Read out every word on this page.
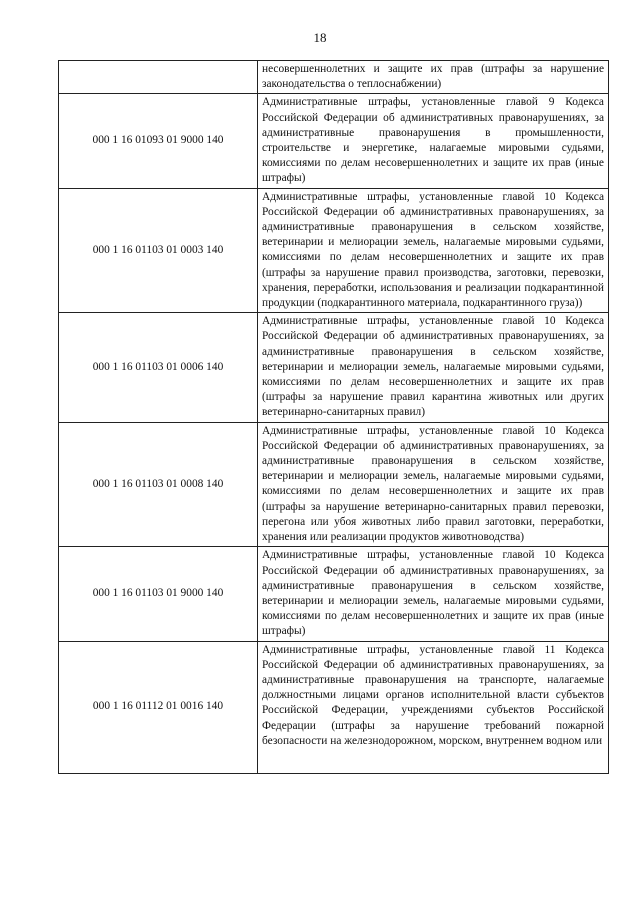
18
	несовершеннолетних и защите их прав (штрафы за нарушение законодательства о теплоснабжении)
000 1 16 01093 01 9000 140	Административные штрафы, установленные главой 9 Кодекса Российской Федерации об административных правонарушениях, за административные правонарушения в промышленности, строительстве и энергетике, налагаемые мировыми судьями, комиссиями по делам несовершеннолетних и защите их прав (иные штрафы)
000 1 16 01103 01 0003 140	Административные штрафы, установленные главой 10 Кодекса Российской Федерации об административных правонарушениях, за административные правонарушения в сельском хозяйстве, ветеринарии и мелиорации земель, налагаемые мировыми судьями, комиссиями по делам несовершеннолетних и защите их прав (штрафы за нарушение правил производства, заготовки, перевозки, хранения, переработки, использования и реализации подкарантинной продукции (подкарантинного материала, подкарантинного груза))
000 1 16 01103 01 0006 140	Административные штрафы, установленные главой 10 Кодекса Российской Федерации об административных правонарушениях, за административные правонарушения в сельском хозяйстве, ветеринарии и мелиорации земель, налагаемые мировыми судьями, комиссиями по делам несовершеннолетних и защите их прав (штрафы за нарушение правил карантина животных или других ветеринарно-санитарных правил)
000 1 16 01103 01 0008 140	Административные штрафы, установленные главой 10 Кодекса Российской Федерации об административных правонарушениях, за административные правонарушения в сельском хозяйстве, ветеринарии и мелиорации земель, налагаемые мировыми судьями, комиссиями по делам несовершеннолетних и защите их прав (штрафы за нарушение ветеринарно-санитарных правил перевозки, перегона или убоя животных либо правил заготовки, переработки, хранения или реализации продуктов животноводства)
000 1 16 01103 01 9000 140	Административные штрафы, установленные главой 10 Кодекса Российской Федерации об административных правонарушениях, за административные правонарушения в сельском хозяйстве, ветеринарии и мелиорации земель, налагаемые мировыми судьями, комиссиями по делам несовершеннолетних и защите их прав (иные штрафы)
000 1 16 01112 01 0016 140	Административные штрафы, установленные главой 11 Кодекса Российской Федерации об административных правонарушениях, за административные правонарушения на транспорте, налагаемые должностными лицами органов исполнительной власти субъектов Российской Федерации, учреждениями субъектов Российской Федерации (штрафы за нарушение требований пожарной безопасности на железнодорожном, морском, внутреннем водном или
